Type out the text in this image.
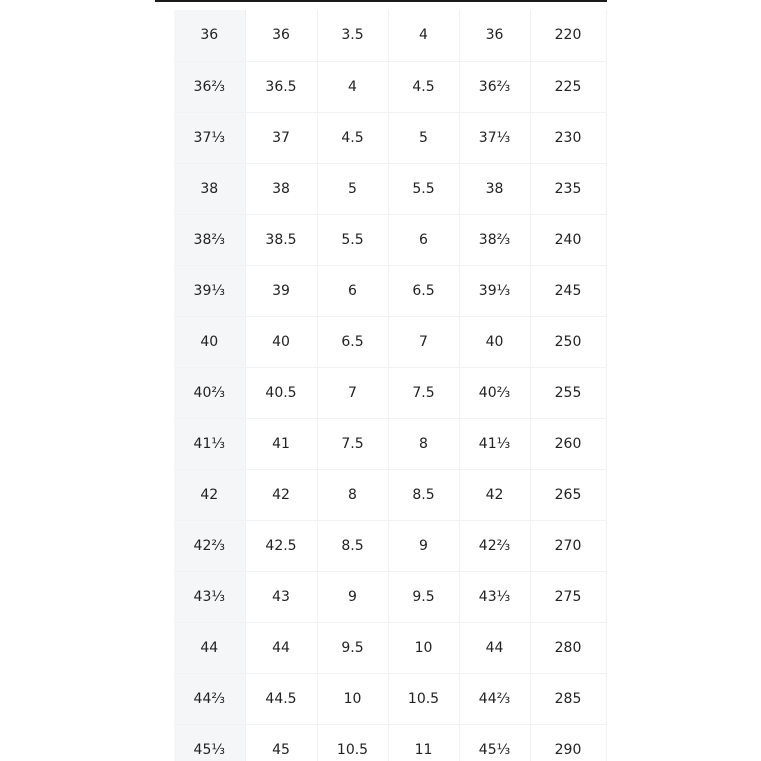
36	36	3.5	4	36	220
36⅔	36.5	4	4.5	36⅔	225
37⅓	37	4.5	5	37⅓	230
38	38	5	5.5	38	235
38⅔	38.5	5.5	6	38⅔	240
39⅓	39	6	6.5	39⅓	245
40	40	6.5	7	40	250
40⅔	40.5	7	7.5	40⅔	255
41⅓	41	7.5	8	41⅓	260
42	42	8	8.5	42	265
42⅔	42.5	8.5	9	42⅔	270
43⅓	43	9	9.5	43⅓	275
44	44	9.5	10	44	280
44⅔	44.5	10	10.5	44⅔	285
45⅓	45	10.5	11	45⅓	290
